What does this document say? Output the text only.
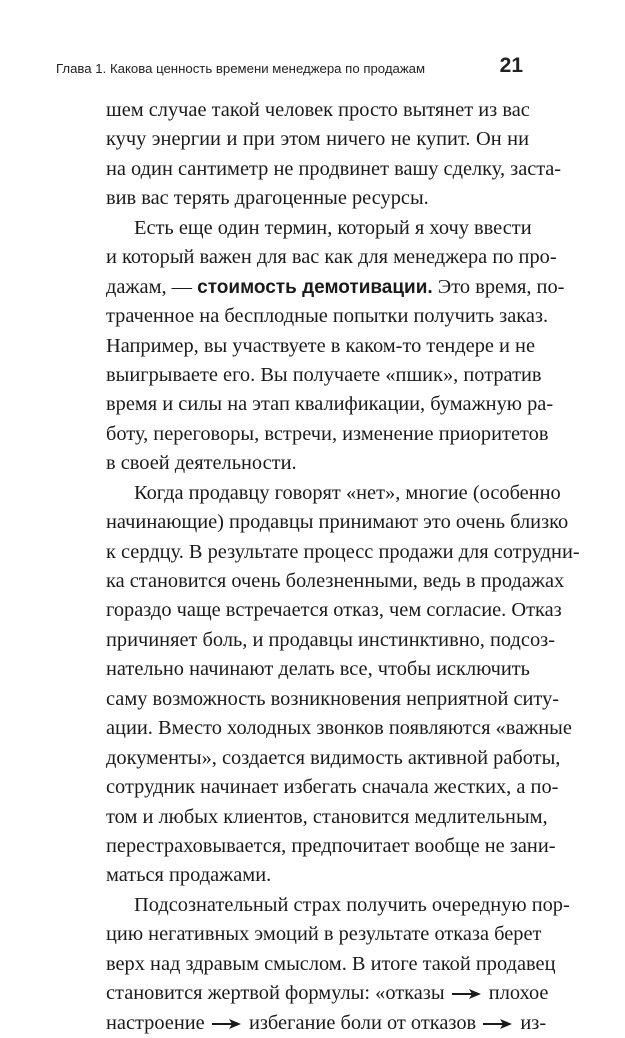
Глава 1. Какова ценность времени менеджера по продажам	21
шем случае такой человек просто вытянет из вас
кучу энергии и при этом ничего не купит. Он ни
на один сантиметр не продвинет вашу сделку, застa-
вив вас терять драгоценные ресурсы.
Есть еще один термин, который я хочу ввести
и который важен для вас как для менеджера по про-
дажам, — стоимость демотивации. Это время, по-
траченное на бесплодные попытки получить заказ.
Например, вы участвуете в каком-то тендере и не
выигрываете его. Вы получаете «пшик», потратив
время и силы на этап квалификации, бумажную ра-
боту, переговоры, встречи, изменение приоритетов
в своей деятельности.
Когда продавцу говорят «нет», многие (особенно
начинающие) продавцы принимают это очень близко
к сердцу. В результате процесс продажи для сотрудни-
ка становится очень болезненными, ведь в продажах
гораздо чаще встречается отказ, чем согласие. Отказ
причиняет боль, и продавцы инстинктивно, подсоз-
нательно начинают делать все, чтобы исключить
саму возможность возникновения неприятной ситу-
ации. Вместо холодных звонков появляются «важные
документы», создается видимость активной работы,
сотрудник начинает избегать сначала жестких, а по-
том и любых клиентов, становится медлительным,
перестраховывается, предпочитает вообще не зани-
маться продажами.
Подсознательный страх получить очередную пор-
цию негативных эмоций в результате отказа берет
верх над здравым смыслом. В итоге такой продавец
становится жертвой формулы: «отказы плохое
настроение избегание боли от отказов из-
